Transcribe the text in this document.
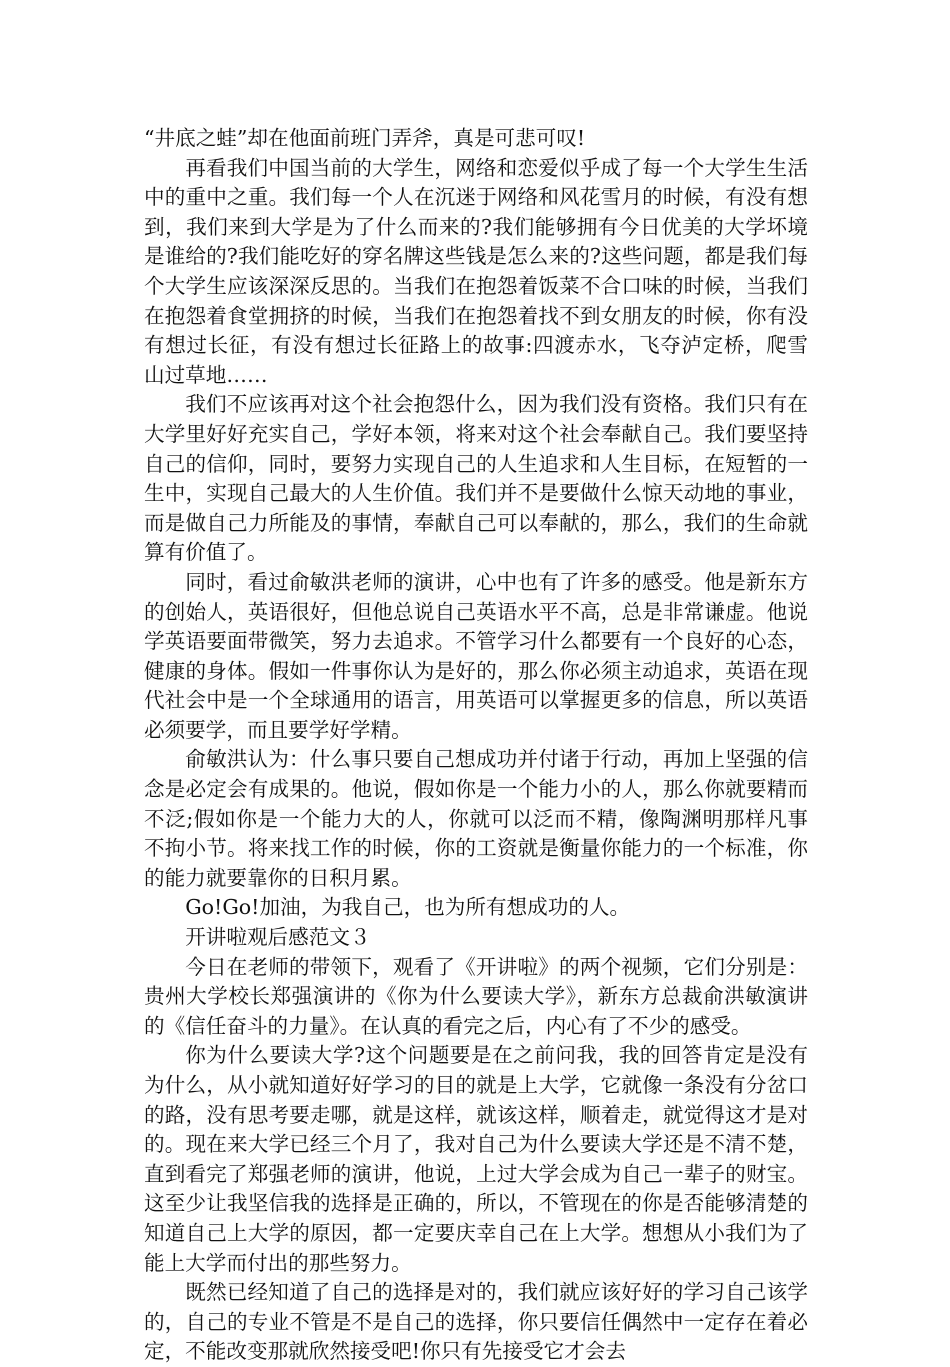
“井底之蛙”却在他面前班门弄斧，真是可悲可叹!

再看我们中国当前的大学生，网络和恋爱似乎成了每一个大学生生活中的重中之重。我们每一个人在沉迷于网络和风花雪月的时候，有没有想到，我们来到大学是为了什么而来的?我们能够拥有今日优美的大学坏境是谁给的?我们能吃好的穿名牌这些钱是怎么来的?这些问题，都是我们每个大学生应该深深反思的。当我们在抱怨着饭菜不合口味的时候，当我们在抱怨着食堂拥挤的时候，当我们在抱怨着找不到女朋友的时候，你有没有想过长征，有没有想过长征路上的故事:四渡赤水，飞夺泸定桥，爬雪山过草地……

我们不应该再对这个社会抱怨什么，因为我们没有资格。我们只有在大学里好好充实自己，学好本领，将来对这个社会奉献自己。我们要坚持自己的信仰，同时，要努力实现自己的人生追求和人生目标，在短暂的一生中，实现自己最大的人生价值。我们并不是要做什么惊天动地的事业，而是做自己力所能及的事情，奉献自己可以奉献的，那么，我们的生命就算有价值了。

同时，看过俞敏洪老师的演讲，心中也有了许多的感受。他是新东方的创始人，英语很好，但他总说自己英语水平不高，总是非常谦虚。他说学英语要面带微笑，努力去追求。不管学习什么都要有一个良好的心态，健康的身体。假如一件事你认为是好的，那么你必须主动追求，英语在现代社会中是一个全球通用的语言，用英语可以掌握更多的信息，所以英语必须要学，而且要学好学精。

俞敏洪认为：什么事只要自己想成功并付诸于行动，再加上坚强的信念是必定会有成果的。他说，假如你是一个能力小的人，那么你就要精而不泛;假如你是一个能力大的人，你就可以泛而不精，像陶渊明那样凡事不拘小节。将来找工作的时候，你的工资就是衡量你能力的一个标准，你的能力就要靠你的日积月累。

Go!Go!加油，为我自己，也为所有想成功的人。

开讲啦观后感范文３

今日在老师的带领下，观看了《开讲啦》的两个视频，它们分别是：贵州大学校长郑强演讲的《你为什么要读大学》，新东方总裁俞洪敏演讲的《信任奋斗的力量》。在认真的看完之后，内心有了不少的感受。

你为什么要读大学?这个问题要是在之前问我，我的回答肯定是没有为什么，从小就知道好好学习的目的就是上大学，它就像一条没有分岔口的路，没有思考要走哪，就是这样，就该这样，顺着走，就觉得这才是对的。现在来大学已经三个月了，我对自己为什么要读大学还是不清不楚，直到看完了郑强老师的演讲，他说，上过大学会成为自己一辈子的财宝。这至少让我坚信我的选择是正确的，所以，不管现在的你是否能够清楚的知道自己上大学的原因，都一定要庆幸自己在上大学。想想从小我们为了能上大学而付出的那些努力。

既然已经知道了自己的选择是对的，我们就应该好好的学习自己该学的，自己的专业不管是不是自己的选择，你只要信任偶然中一定存在着必定，不能改变那就欣然接受吧!你只有先接受它才会去
